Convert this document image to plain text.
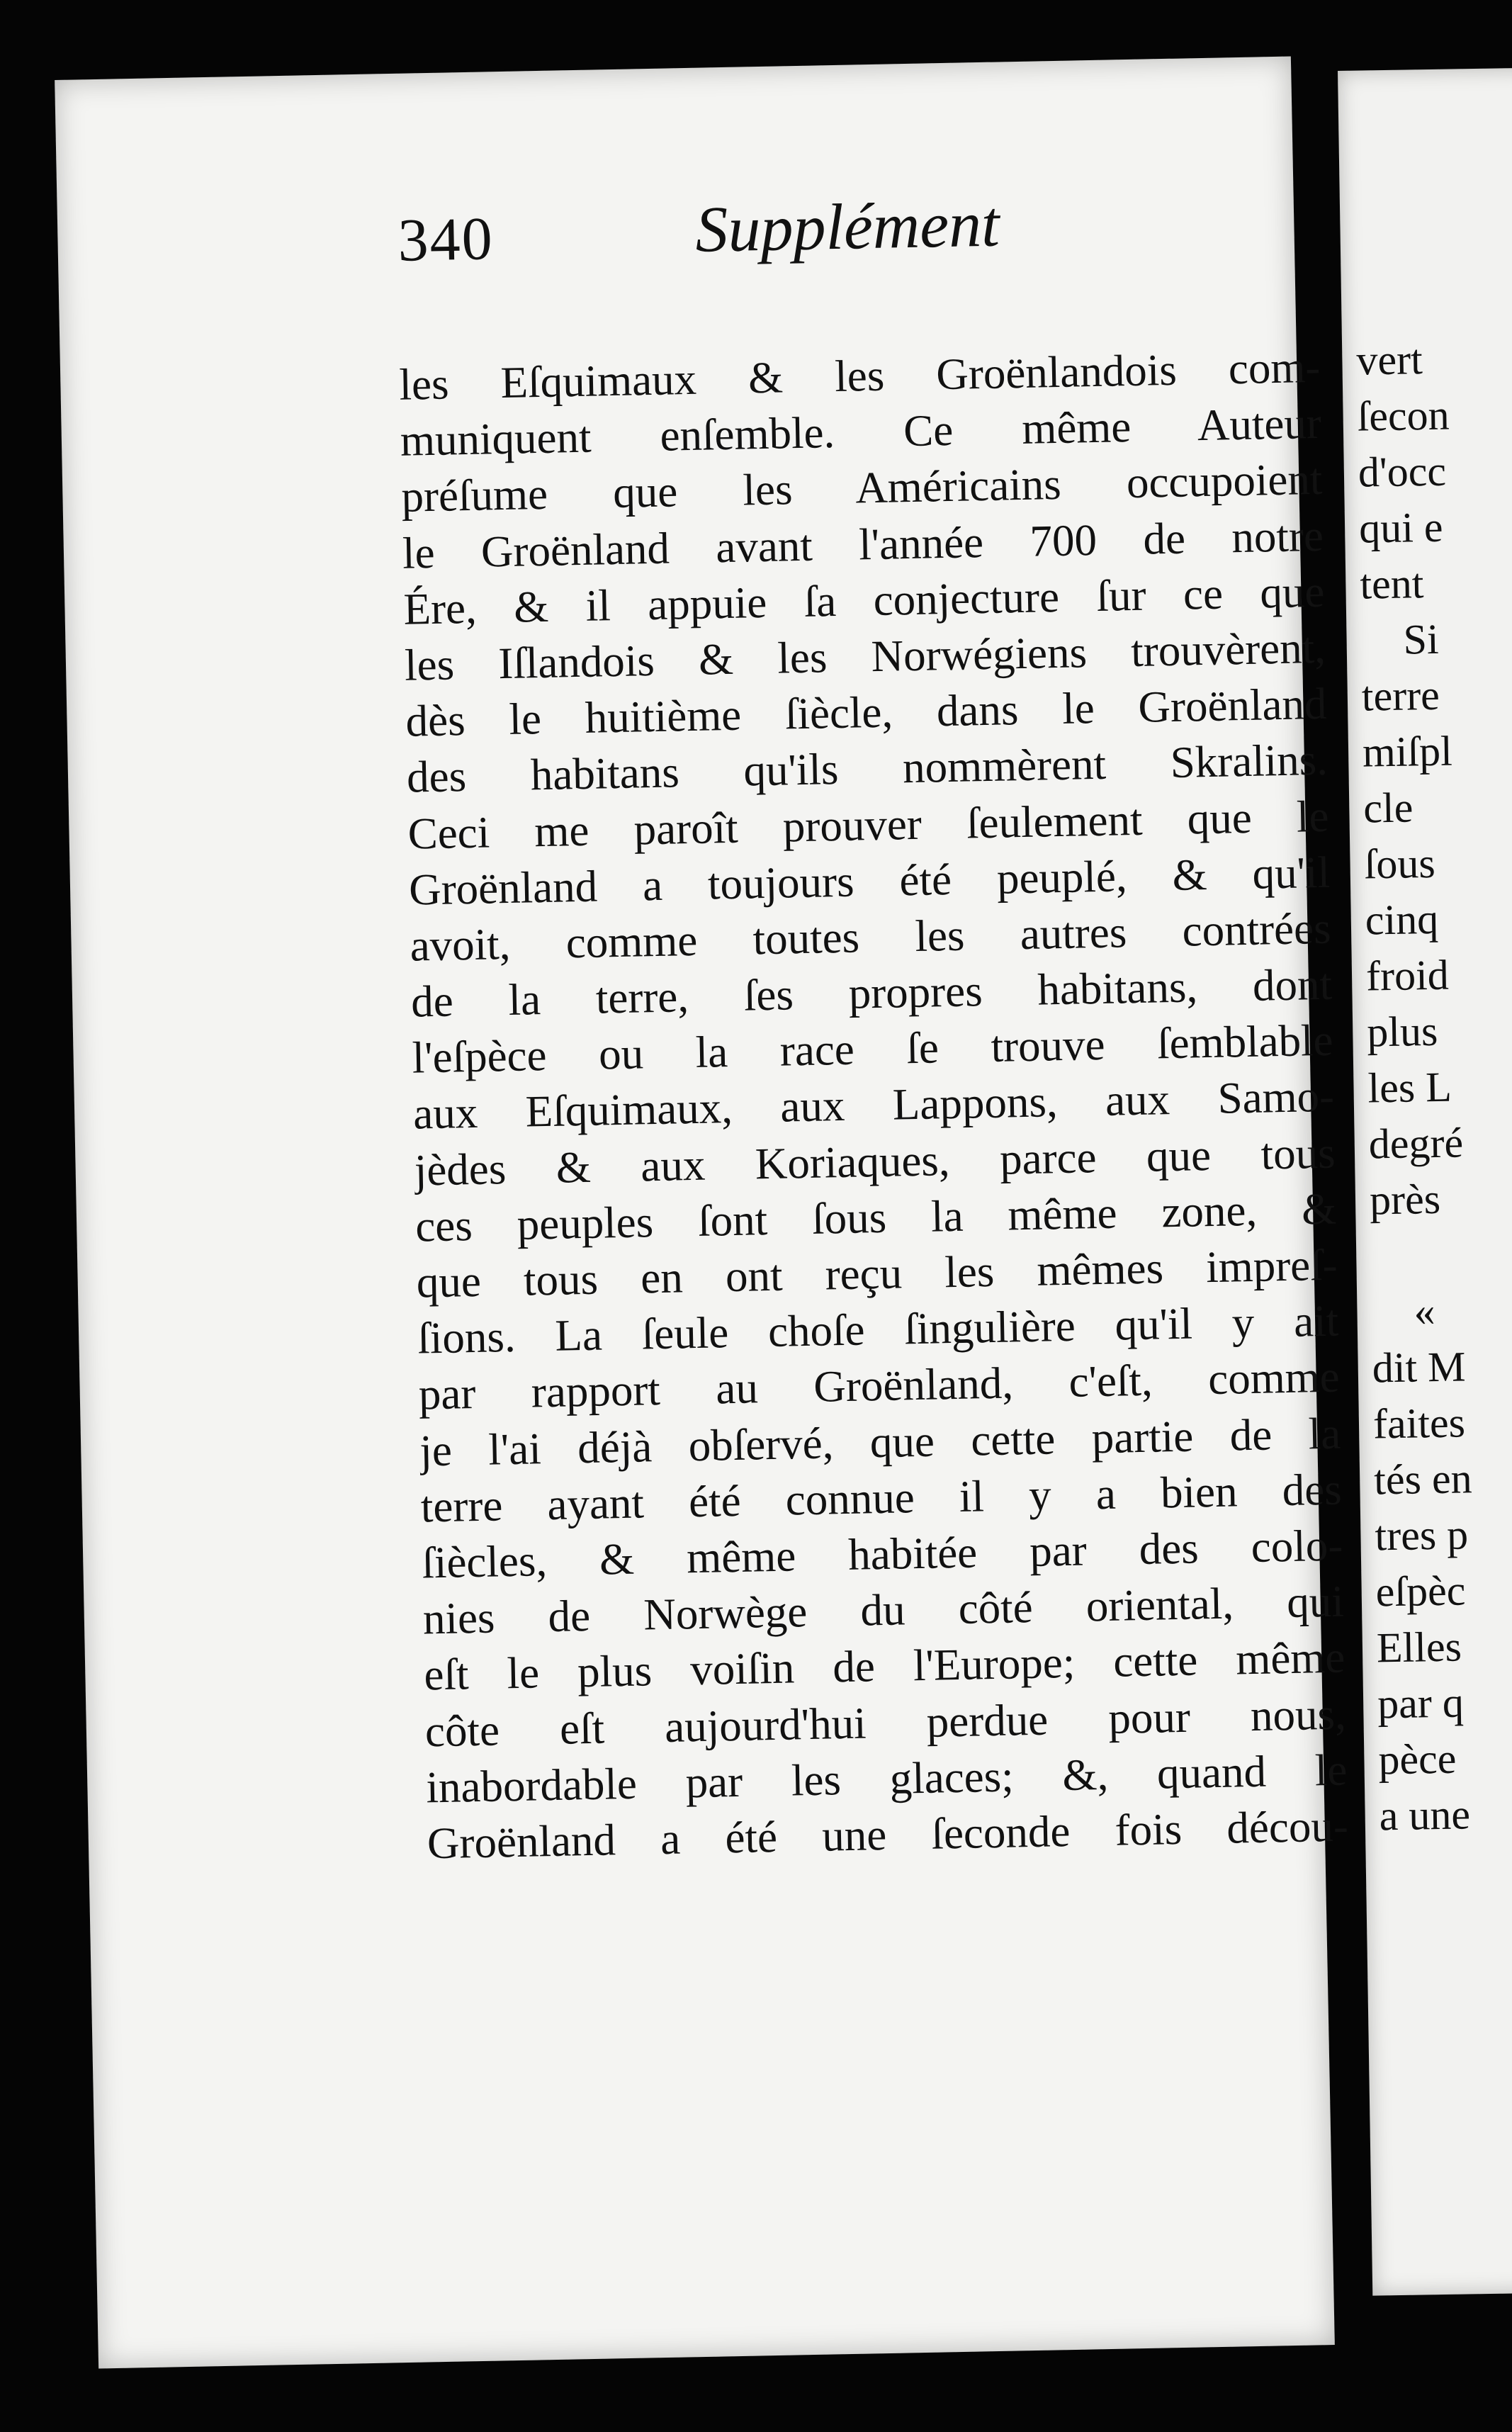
340	Supplément
les Eſquimaux & les Groënlandois com-
muniquent enſemble. Ce même Auteur
préſume que les Américains occupoient
le Groënland avant l'année 700 de notre
Ére, & il appuie ſa conjecture ſur ce que
les Iſlandois & les Norwégiens trouvèrent,
dès le huitième ſiècle, dans le Groënland
des habitans qu'ils nommèrent Skralins.
Ceci me paroît prouver ſeulement que le
Groënland a toujours été peuplé, & qu'il
avoit, comme toutes les autres contrées
de la terre, ſes propres habitans, dont
l'eſpèce ou la race ſe trouve ſemblable
aux Eſquimaux, aux Lappons, aux Samo-
jèdes & aux Koriaques, parce que tous
ces peuples ſont ſous la même zone, &
que tous en ont reçu les mêmes impreſ-
ſions. La ſeule choſe ſingulière qu'il y ait
par rapport au Groënland, c'eſt, comme
je l'ai déjà obſervé, que cette partie de la
terre ayant été connue il y a bien des
ſiècles, & même habitée par des colo-
nies de Norwège du côté oriental, qui
eſt le plus voiſin de l'Europe; cette même
côte eſt aujourd'hui perdue pour nous,
inabordable par les glaces; &, quand le
Groënland a été une ſeconde fois décou-
vert
ſecon
d'occ
qui e
tent
Si
terre
miſpl
cle
ſous
cinq
froid
plus
les L
degré
près
«
dit M
faites
tés en
tres p
eſpèc
Elles
par q
pèce
a une
